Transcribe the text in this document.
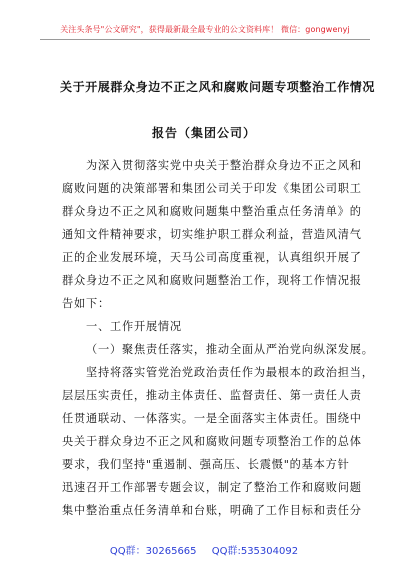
关注头条号"公文研究"，获得最新最全最专业的公文资料库！ 微信：gongwenyj
关于开展群众身边不正之风和腐败问题专项整治工作情况
报告（集团公司）
为深入贯彻落实党中央关于整治群众身边不正之风和
腐败问题的决策部署和集团公司关于印发《集团公司职工
群众身边不正之风和腐败问题集中整治重点任务清单》的
通知文件精神要求，切实维护职工群众利益，营造风清气
正的企业发展环境，天马公司高度重视，认真组织开展了
群众身边不正之风和腐败问题整治工作，现将工作情况报
告如下：
一、工作开展情况
（一）聚焦责任落实，推动全面从严治党向纵深发展。
坚持将落实管党治党政治责任作为最根本的政治担当，
层层压实责任，推动主体责任、监督责任、第一责任人责
任贯通联动、一体落实。一是全面落实主体责任。围绕中
央关于群众身边不正之风和腐败问题专项整治工作的总体
要求，我们坚持"重遏制、强高压、长震慑"的基本方针
迅速召开工作部署专题会议，制定了整治工作和腐败问题
集中整治重点任务清单和台账，明确了工作目标和责任分
QQ群：30265665 QQ群:535304092
